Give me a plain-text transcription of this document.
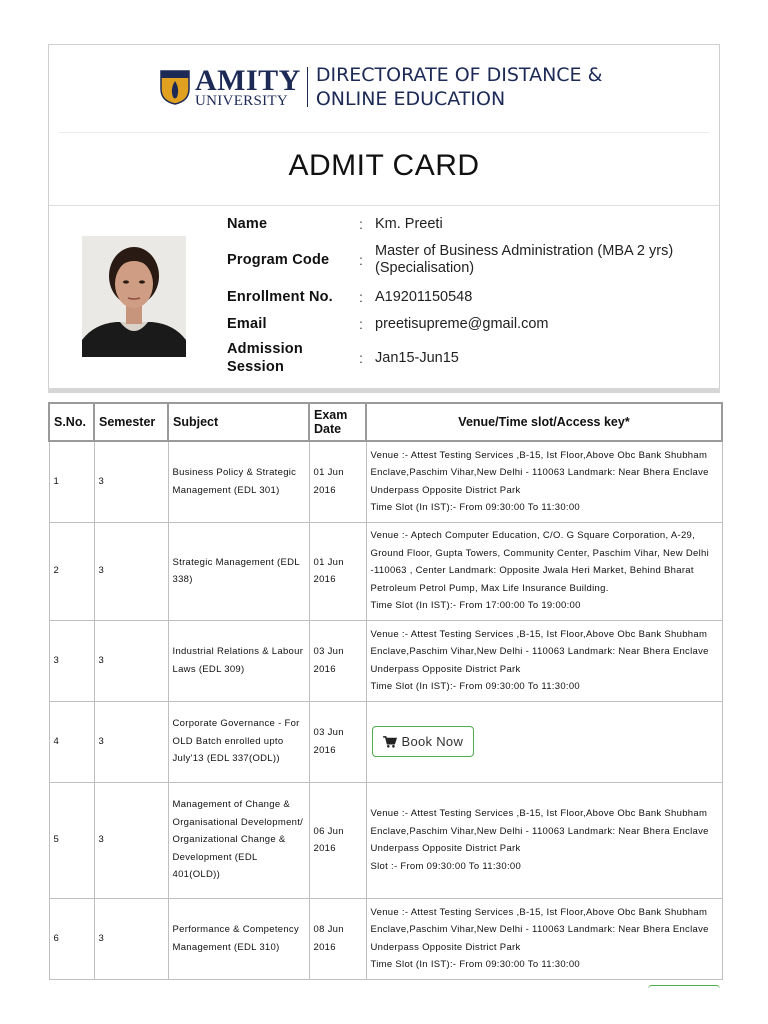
AMITY
UNIVERSITY
DIRECTORATE OF DISTANCE &
ONLINE EDUCATION
ADMIT CARD
Name	: Km. Preeti
Program Code	:
Master of Business Administration (MBA 2 yrs) (Specialisation)
Enrollment No.	: A19201150548
Email	: preetisupreme@gmail.com
Admission Session
: Jan15-Jun15
S.No.	Semester	Subject	Exam Date	Venue/Time slot/Access key*
1	3	Business Policy & Strategic Management (EDL 301)	01 Jun 2016	Venue :- Attest Testing Services ,B-15, Ist Floor,Above Obc Bank Shubham Enclave,Paschim Vihar,New Delhi - 110063 Landmark: Near Bhera Enclave Underpass Opposite District Park
Time Slot (In IST):- From 09:30:00 To 11:30:00

2	3	Strategic Management (EDL 338)	01 Jun 2016	Venue :- Aptech Computer Education, C/O. G Square Corporation, A-29, Ground Floor, Gupta Towers, Community Center, Paschim Vihar, New Delhi -110063 , Center Landmark: Opposite Jwala Heri Market, Behind Bharat Petroleum Petrol Pump, Max Life Insurance Building.
Time Slot (In IST):- From 17:00:00 To 19:00:00

3	3	Industrial Relations & Labour Laws (EDL 309)	03 Jun 2016	Venue :- Attest Testing Services ,B-15, Ist Floor,Above Obc Bank Shubham Enclave,Paschim Vihar,New Delhi - 110063 Landmark: Near Bhera Enclave Underpass Opposite District Park
Time Slot (In IST):- From 09:30:00 To 11:30:00

4	3	Corporate Governance - For OLD Batch enrolled upto July'13 (EDL 337(ODL))	03 Jun 2016	Book Now

5	3	Management of Change & Organisational Development/ Organizational Change & Development (EDL 401(OLD))	06 Jun 2016	Venue :- Attest Testing Services ,B-15, Ist Floor,Above Obc Bank Shubham Enclave,Paschim Vihar,New Delhi - 110063 Landmark: Near Bhera Enclave Underpass Opposite District Park
Slot :- From 09:30:00 To 11:30:00

6	3	Performance & Competency Management (EDL 310)	08 Jun 2016	Venue :- Attest Testing Services ,B-15, Ist Floor,Above Obc Bank Shubham Enclave,Paschim Vihar,New Delhi - 110063 Landmark: Near Bhera Enclave Underpass Opposite District Park
Time Slot (In IST):- From 09:30:00 To 11:30:00
